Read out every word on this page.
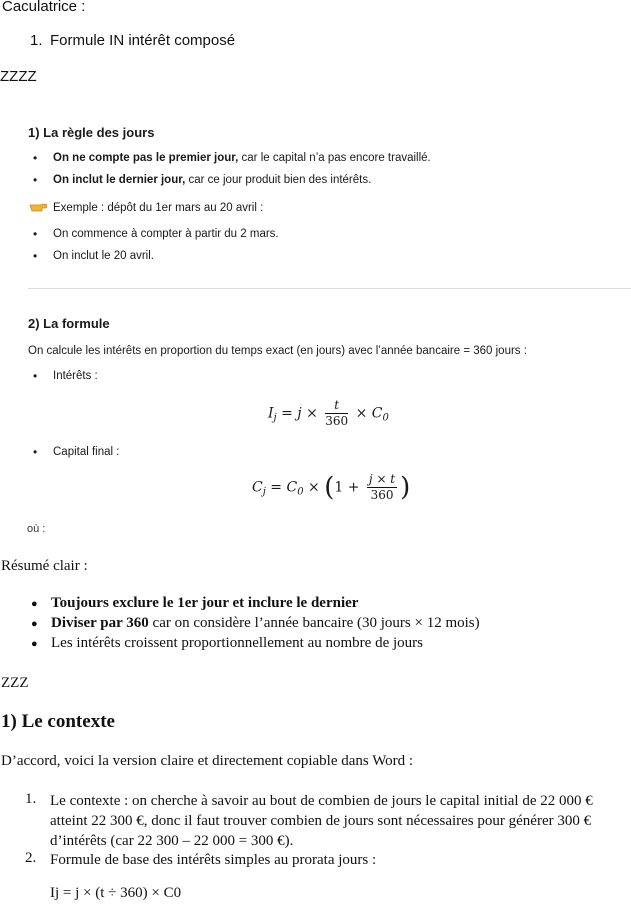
Caculatrice :
1. Formule IN intérêt composé
ZZZZ
1) La règle des jours
• On ne compte pas le premier jour, car le capital n’a pas encore travaillé.
• On inclut le dernier jour, car ce jour produit bien des intérêts.
Exemple : dépôt du 1er mars au 20 avril :
• On commence à compter à partir du 2 mars.
• On inclut le 20 avril.
2) La formule
On calcule les intérêts en proportion du temps exact (en jours) avec l’année bancaire = 360 jours :
• Intérêts :
$I_j = j \times \frac{t}{360} \times C_0$
• Capital final :
$C_j = C_0 \times (1 + \frac{j \times t}{360}$ )
où :
Résumé clair :
● Toujours exclure le 1er jour et inclure le dernier
● Diviser par 360 car on considère l’année bancaire (30 jours × 12 mois)
● Les intérêts croissent proportionnellement au nombre de jours
ZZZ
1) Le contexte
D’accord, voici la version claire et directement copiable dans Word :
1. Le contexte : on cherche à savoir au bout de combien de jours le capital initial de 22 000 € atteint 22 300 €, donc il faut trouver combien de jours sont nécessaires pour générer 300 € d’intérêts (car 22 300 – 22 000 = 300 €).
2. Formule de base des intérêts simples au prorata jours :
Ij = j × (t ÷ 360) × C0
